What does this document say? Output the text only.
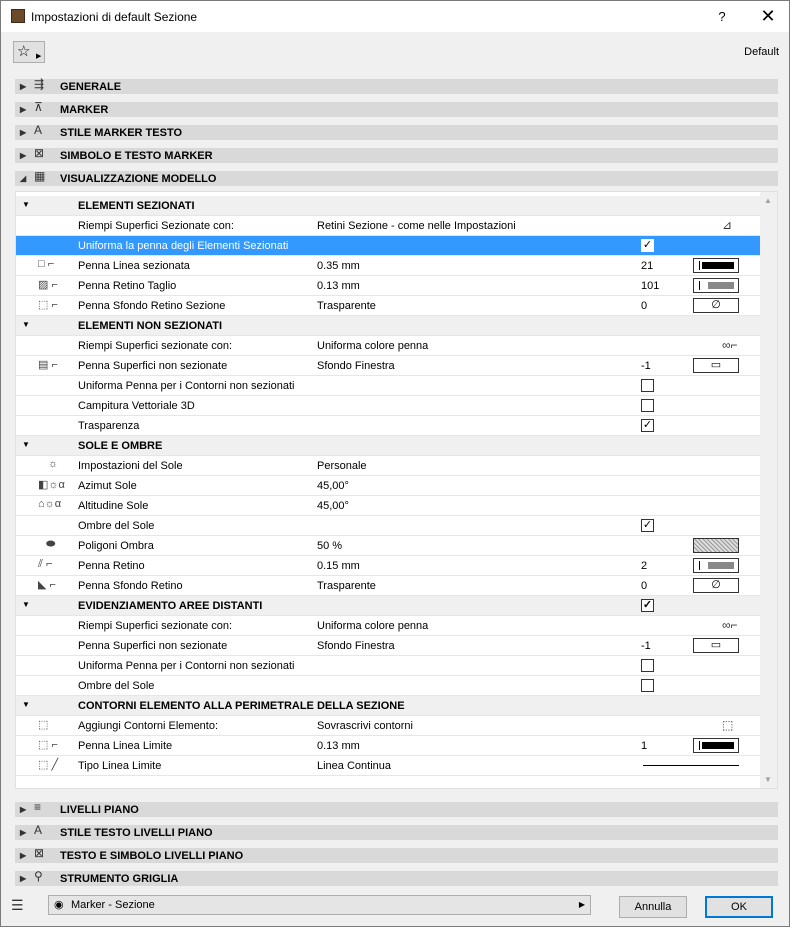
Impostazioni di default Sezione	?	✕
☆ ▶	Default
▶ ⇶	GENERALE
▶ ⊼	MARKER
▶ A	STILE MARKER TESTO
▶ ⊠	SIMBOLO E TESTO MARKER
◢ ▦	VISUALIZZAZIONE MODELLO
▼	ELEMENTI SEZIONATI
Riempi Superfici Sezionate con:	Retini Sezione - come nelle Impostazioni	⊿
Uniforma la penna degli Elementi Sezionati	✓
□ ⌐	Penna Linea sezionata	0.35 mm	21
▨ ⌐	Penna Retino Taglio	0.13 mm	101
⬚ ⌐	Penna Sfondo Retino Sezione	Trasparente	0	∅
▼	ELEMENTI NON SEZIONATI
Riempi Superfici sezionate con:	Uniforma colore penna	∞⌐
▤ ⌐	Penna Superfici non sezionate	Sfondo Finestra	-1	▭
Uniforma Penna per i Contorni non sezionati
Campitura Vettoriale 3D
Trasparenza	✓
▼	SOLE E OMBRE
☼	Impostazioni del Sole	Personale
◧☼α	Azimut Sole	45,00°
⌂☼α	Altitudine Sole	45,00°
Ombre del Sole	✓
⬬	Poligoni Ombra	50 %
⫽ ⌐	Penna Retino	0.15 mm	2
◣ ⌐	Penna Sfondo Retino	Trasparente	0	∅
▼	EVIDENZIAMENTO AREE DISTANTI	✓
Riempi Superfici sezionate con:	Uniforma colore penna	∞⌐
Penna Superfici non sezionate	Sfondo Finestra	-1	▭
Uniforma Penna per i Contorni non sezionati
Ombre del Sole
▼	CONTORNI ELEMENTO ALLA PERIMETRALE DELLA SEZIONE
⬚	Aggiungi Contorni Elemento:	Sovrascrivi contorni	⬚
⬚ ⌐	Penna Linea Limite	0.13 mm	1
⬚ ╱	Tipo Linea Limite	Linea Continua
▲
▼
▶ ≡	LIVELLI PIANO
▶ A	STILE TESTO LIVELLI PIANO
▶ ⊠	TESTO E SIMBOLO LIVELLI PIANO
▶ ⚲	STRUMENTO GRIGLIA
☰	◉ Marker - Sezione	▶	Annulla	OK
